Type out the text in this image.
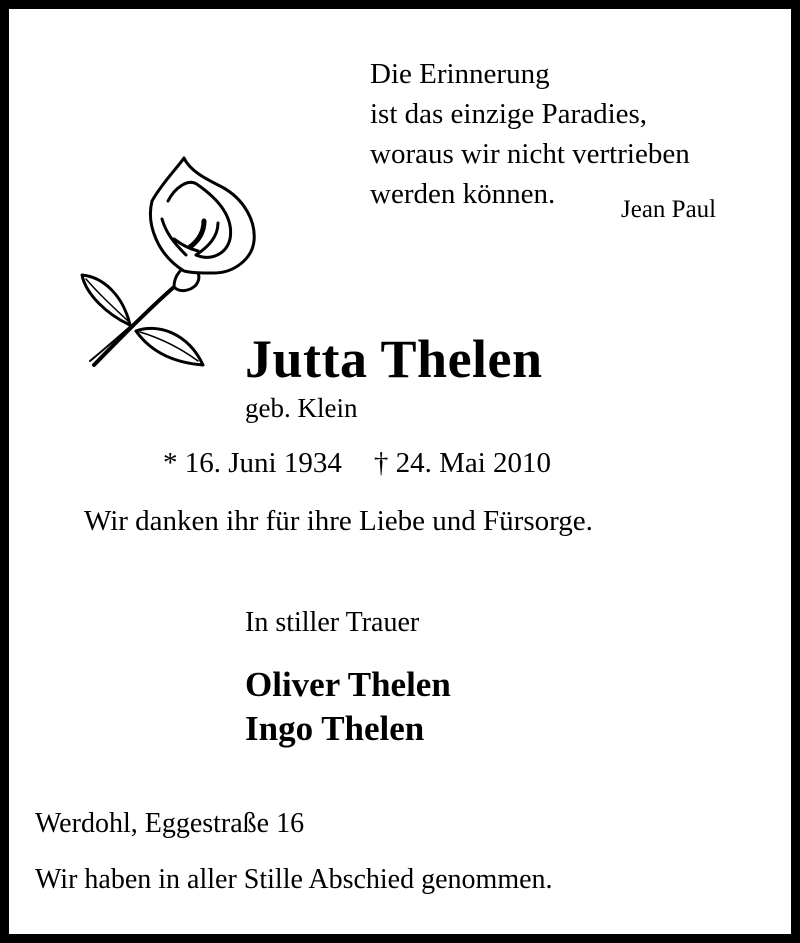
Die Erinnerung
ist das einzige Paradies,
woraus wir nicht vertrieben
werden können.	Jean Paul
Jutta Thelen
geb. Klein
* 16. Juni 1934 † 24. Mai 2010
Wir danken ihr für ihre Liebe und Fürsorge.
In stiller Trauer
Oliver Thelen
Ingo Thelen
Werdohl, Eggestraße 16
Wir haben in aller Stille Abschied genommen.
